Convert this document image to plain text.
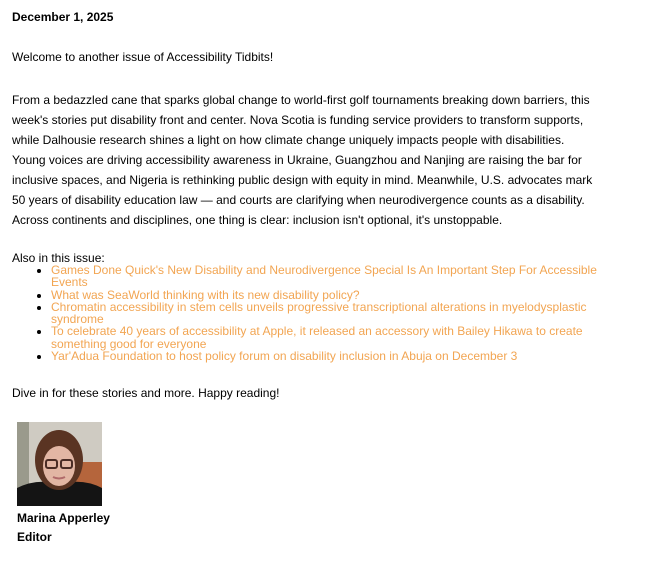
December 1, 2025
Welcome to another issue of Accessibility Tidbits!

From a bedazzled cane that sparks global change to world-first golf tournaments breaking down barriers, this week's stories put disability front and center. Nova Scotia is funding service providers to transform supports, while Dalhousie research shines a light on how climate change uniquely impacts people with disabilities. Young voices are driving accessibility awareness in Ukraine, Guangzhou and Nanjing are raising the bar for inclusive spaces, and Nigeria is rethinking public design with equity in mind. Meanwhile, U.S. advocates mark 50 years of disability education law — and courts are clarifying when neurodivergence counts as a disability. Across continents and disciplines, one thing is clear: inclusion isn't optional, it's unstoppable.

Also in this issue:
• Games Done Quick's New Disability and Neurodivergence Special Is An Important Step For Accessible Events
• What was SeaWorld thinking with its new disability policy?
• Chromatin accessibility in stem cells unveils progressive transcriptional alterations in myelodysplastic syndrome
• To celebrate 40 years of accessibility at Apple, it released an accessory with Bailey Hikawa to create something good for everyone
• Yar'Adua Foundation to host policy forum on disability inclusion in Abuja on December 3
Dive in for these stories and more. Happy reading!
Marina Apperley
Editor
